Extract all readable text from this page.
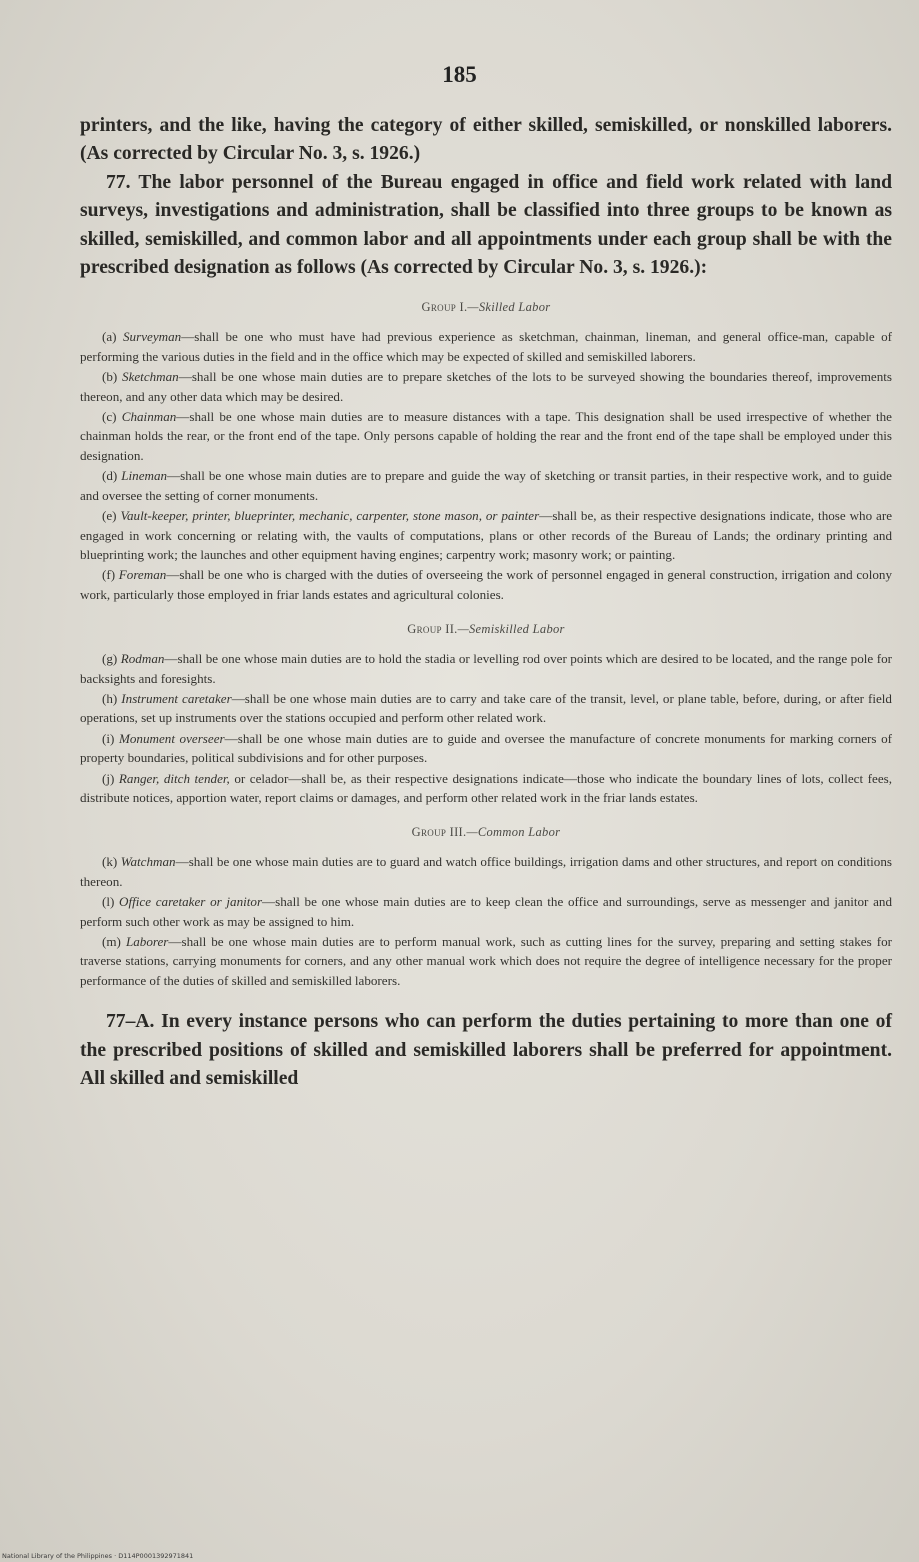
185

printers, and the like, having the category of either skilled, semiskilled, or nonskilled laborers. (As corrected by Circular No. 3, s. 1926.)

77. The labor personnel of the Bureau engaged in office and field work related with land surveys, investigations and administration, shall be classified into three groups to be known as skilled, semiskilled, and common labor and all appointments under each group shall be with the prescribed designation as follows (As corrected by Circular No. 3, s. 1926.):

Group I.—Skilled Labor

(a) Surveyman—shall be one who must have had previous experience as sketchman, chainman, lineman, and general office-man, capable of performing the various duties in the field and in the office which may be expected of skilled and semiskilled laborers.

(b) Sketchman—shall be one whose main duties are to prepare sketches of the lots to be surveyed showing the boundaries thereof, improvements thereon, and any other data which may be desired.

(c) Chainman—shall be one whose main duties are to measure distances with a tape. This designation shall be used irrespective of whether the chainman holds the rear, or the front end of the tape. Only persons capable of holding the rear and the front end of the tape shall be employed under this designation.

(d) Lineman—shall be one whose main duties are to prepare and guide the way of sketching or transit parties, in their respective work, and to guide and oversee the setting of corner monuments.

(e) Vault-keeper, printer, blueprinter, mechanic, carpenter, stone mason, or painter—shall be, as their respective designations indicate, those who are engaged in work concerning or relating with, the vaults of computations, plans or other records of the Bureau of Lands; the ordinary printing and blueprinting work; the launches and other equipment having engines; carpentry work; masonry work; or painting.

(f) Foreman—shall be one who is charged with the duties of overseeing the work of personnel engaged in general construction, irrigation and colony work, particularly those employed in friar lands estates and agricultural colonies.

Group II.—Semiskilled Labor

(g) Rodman—shall be one whose main duties are to hold the stadia or levelling rod over points which are desired to be located, and the range pole for backsights and foresights.

(h) Instrument caretaker—shall be one whose main duties are to carry and take care of the transit, level, or plane table, before, during, or after field operations, set up instruments over the stations occupied and perform other related work.

(i) Monument overseer—shall be one whose main duties are to guide and oversee the manufacture of concrete monuments for marking corners of property boundaries, political subdivisions and for other purposes.

(j) Ranger, ditch tender, or celador—shall be, as their respective designations indicate—those who indicate the boundary lines of lots, collect fees, distribute notices, apportion water, report claims or damages, and perform other related work in the friar lands estates.

Group III.—Common Labor

(k) Watchman—shall be one whose main duties are to guard and watch office buildings, irrigation dams and other structures, and report on conditions thereon.

(l) Office caretaker or janitor—shall be one whose main duties are to keep clean the office and surroundings, serve as messenger and janitor and perform such other work as may be assigned to him.

(m) Laborer—shall be one whose main duties are to perform manual work, such as cutting lines for the survey, preparing and setting stakes for traverse stations, carrying monuments for corners, and any other manual work which does not require the degree of intelligence necessary for the proper performance of the duties of skilled and semiskilled laborers.

77–A. In every instance persons who can perform the duties pertaining to more than one of the prescribed positions of skilled and semiskilled laborers shall be preferred for appointment. All skilled and semiskilled

National Library of the Philippines · D114P0001392971841
